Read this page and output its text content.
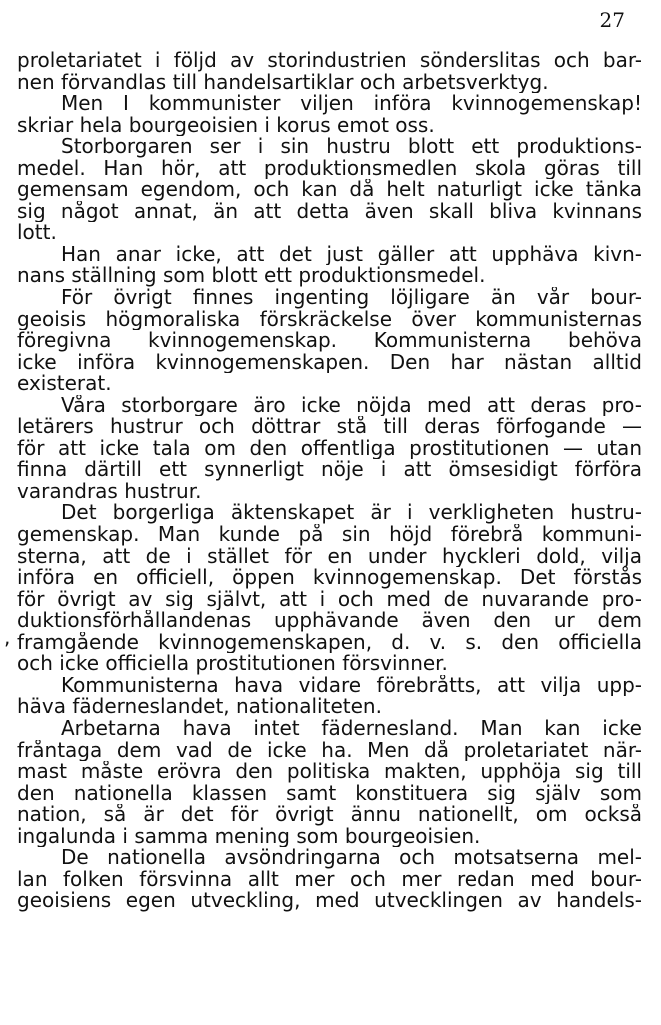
27
,
proletariatet i följd av storindustrien sönderslitas och bar-
nen förvandlas till handelsartiklar och arbetsverktyg.
Men I kommunister viljen införa kvinnogemenskap!
skriar hela bourgeoisien i korus emot oss.
Storborgaren ser i sin hustru blott ett produktions-
medel. Han hör, att produktionsmedlen skola göras till
gemensam egendom, och kan då helt naturligt icke tänka
sig något annat, än att detta även skall bliva kvinnans
lott.
Han anar icke, att det just gäller att upphäva kivn-
nans ställning som blott ett produktionsmedel.
För övrigt finnes ingenting löjligare än vår bour-
geoisis högmoraliska förskräckelse över kommunisternas
föregivna kvinnogemenskap. Kommunisterna behöva
icke införa kvinnogemenskapen. Den har nästan alltid
existerat.
Våra storborgare äro icke nöjda med att deras pro-
letärers hustrur och döttrar stå till deras förfogande —
för att icke tala om den offentliga prostitutionen — utan
finna därtill ett synnerligt nöje i att ömsesidigt förföra
varandras hustrur.
Det borgerliga äktenskapet är i verkligheten hustru-
gemenskap. Man kunde på sin höjd förebrå kommuni-
sterna, att de i stället för en under hyckleri dold, vilja
införa en officiell, öppen kvinnogemenskap. Det förstås
för övrigt av sig självt, att i och med de nuvarande pro-
duktionsförhållandenas upphävande även den ur dem
framgående kvinnogemenskapen, d. v. s. den officiella
och icke officiella prostitutionen försvinner.
Kommunisterna hava vidare förebråtts, att vilja upp-
häva fäderneslandet, nationaliteten.
Arbetarna hava intet fädernesland. Man kan icke
fråntaga dem vad de icke ha. Men då proletariatet när-
mast måste erövra den politiska makten, upphöja sig till
den nationella klassen samt konstituera sig själv som
nation, så är det för övrigt ännu nationellt, om också
ingalunda i samma mening som bourgeoisien.
De nationella avsöndringarna och motsatserna mel-
lan folken försvinna allt mer och mer redan med bour-
geoisiens egen utveckling, med utvecklingen av handels-
